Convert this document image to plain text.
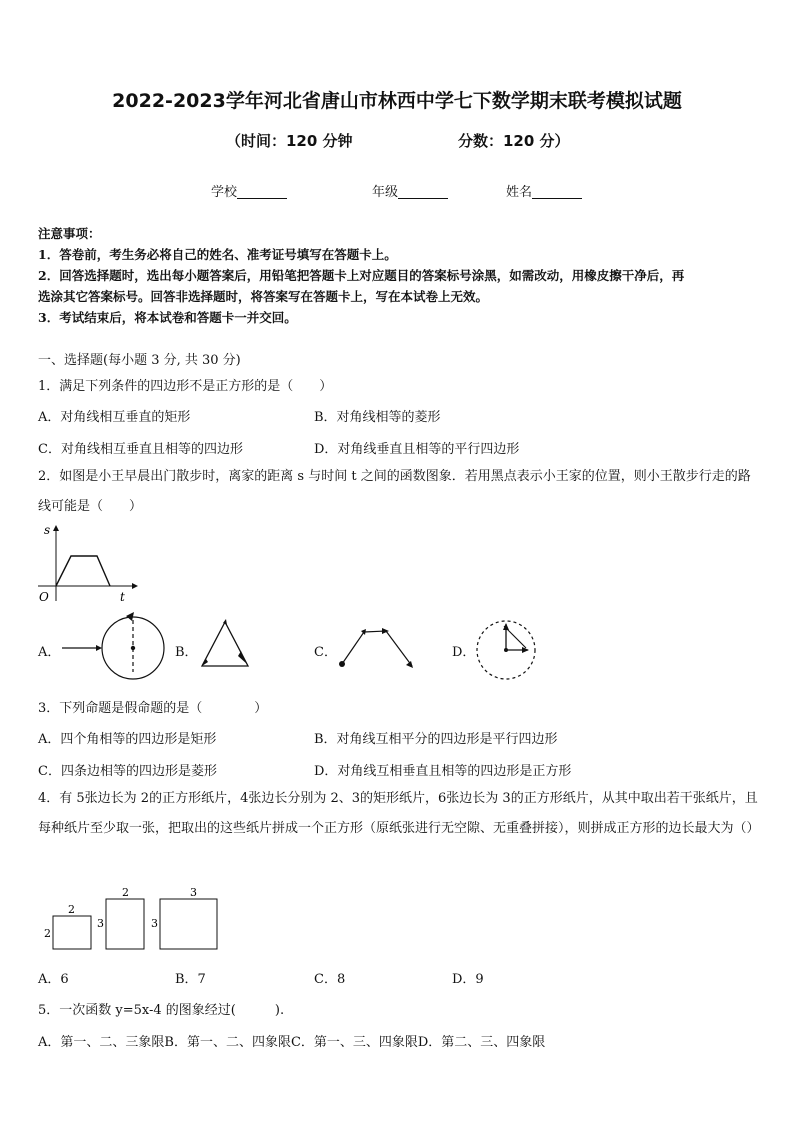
2022-2023学年河北省唐山市林西中学七下数学期末联考模拟试题
（时间：120 分钟	分数：120 分）
学校	年级	姓名
注意事项：
1．答卷前，考生务必将自己的姓名、准考证号填写在答题卡上。
2．回答选择题时，选出每小题答案后，用铅笔把答题卡上对应题目的答案标号涂黑，如需改动，用橡皮擦干净后，再
选涂其它答案标号。回答非选择题时，将答案写在答题卡上，写在本试卷上无效。
3．考试结束后，将本试卷和答题卡一并交回。
一、选择题(每小题 3 分, 共 30 分)
1．满足下列条件的四边形不是正方形的是（　　）
A．对角线相互垂直的矩形	B．对角线相等的菱形
C．对角线相互垂直且相等的四边形	D．对角线垂直且相等的平行四边形
2．如图是小王早晨出门散步时，离家的距离 s 与时间 t 之间的函数图象．若用黑点表示小王家的位置，则小王散步行走的路线可能是（　　）
s
t
O
A．	B．	C．	D．
3．下列命题是假命题的是（　　　　）
A．四个角相等的四边形是矩形	B．对角线互相平分的四边形是平行四边形
C．四条边相等的四边形是菱形	D．对角线互相垂直且相等的四边形是正方形
4．有 5张边长为 2的正方形纸片，4张边长分别为 2、3的矩形纸片，6张边长为 3的正方形纸片，从其中取出若干张纸片，且每种纸片至少取一张，把取出的这些纸片拼成一个正方形（原纸张进行无空隙、无重叠拼接），则拼成正方形的边长最大为（）
2
2
2
3
3
3
A．6	B．7	C．8	D．9
5．一次函数 y=5x-4 的图象经过(　　　).
A．第一、二、三象限B．第一、二、四象限C．第一、三、四象限D．第二、三、四象限
